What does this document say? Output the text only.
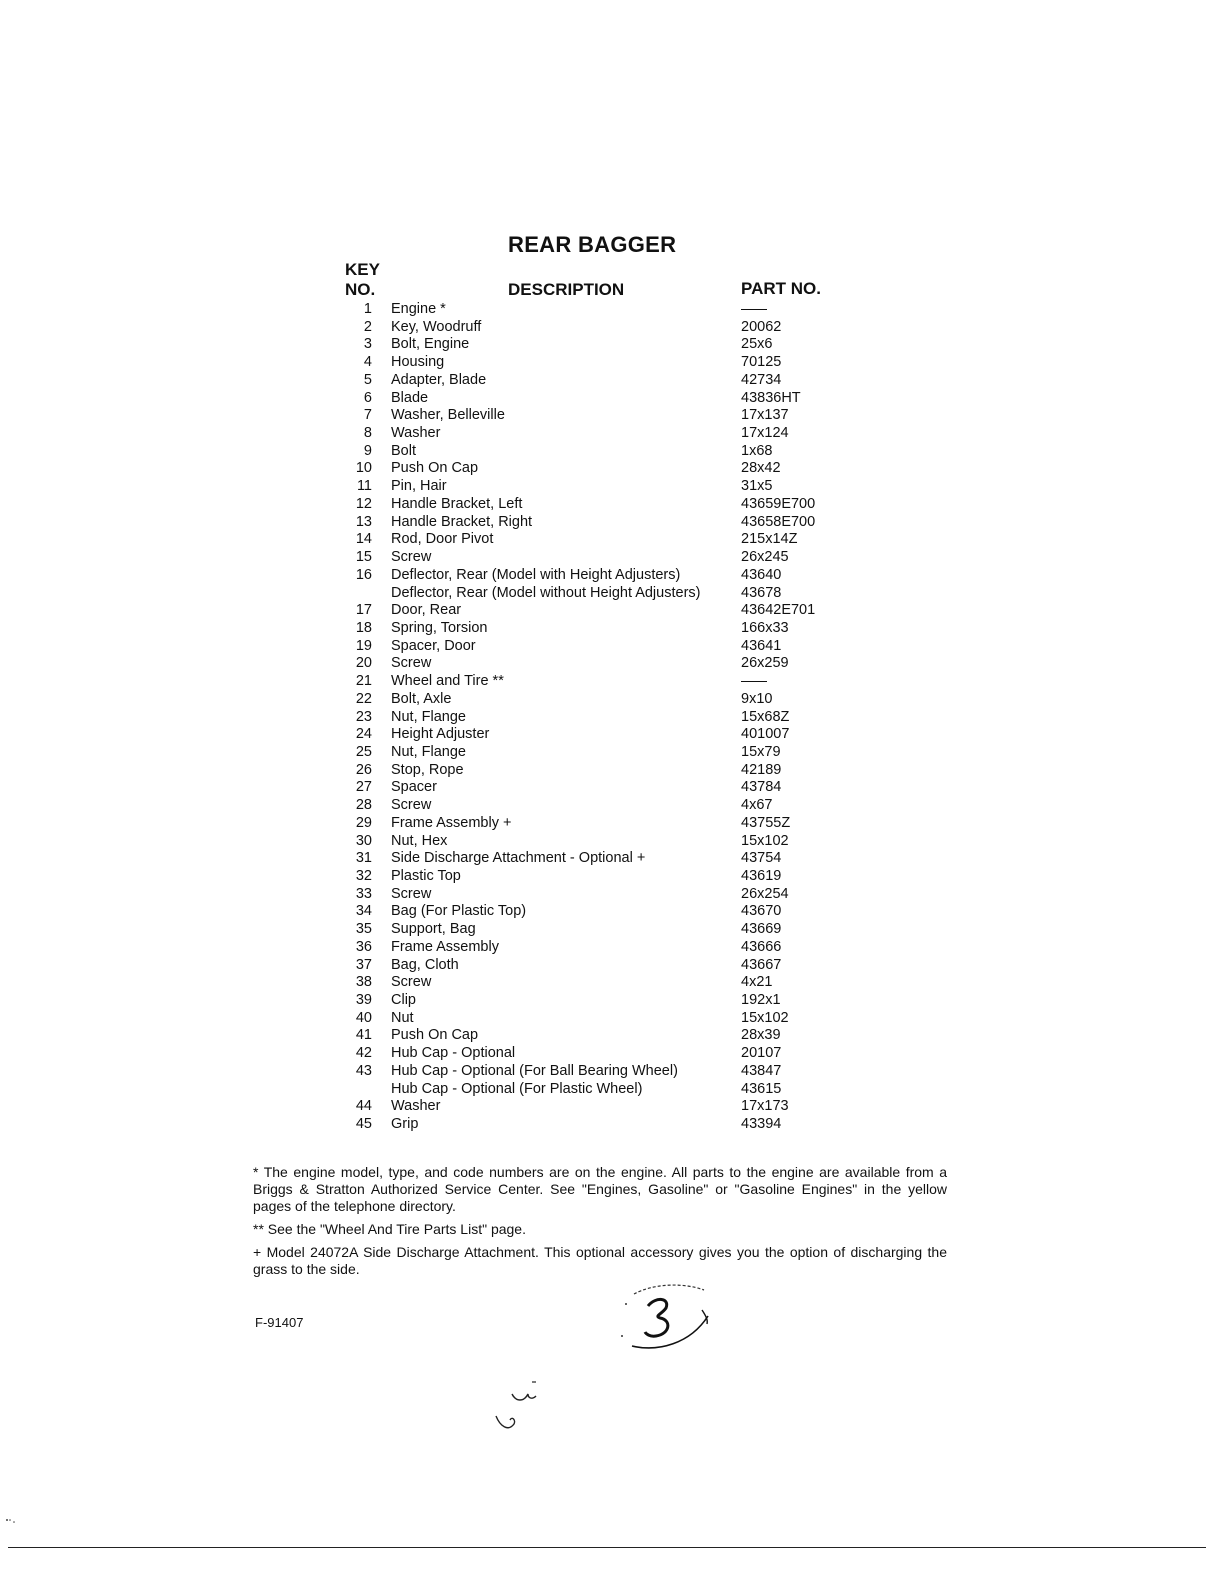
REAR BAGGER
KEY
NO.	DESCRIPTION	PART NO.
1 Engine *
2 Key, Woodruff	20062
3 Bolt, Engine	25x6
4 Housing	70125
5 Adapter, Blade	42734
6 Blade	43836HT
7 Washer, Belleville	17x137
8 Washer	17x124
9 Bolt	1x68
10 Push On Cap	28x42
11 Pin, Hair	31x5
12 Handle Bracket, Left	43659E700
13 Handle Bracket, Right	43658E700
14 Rod, Door Pivot	215x14Z
15 Screw	26x245
16 Deflector, Rear (Model with Height Adjusters)	43640
Deflector, Rear (Model without Height Adjusters)	43678
17 Door, Rear	43642E701
18 Spring, Torsion	166x33
19 Spacer, Door	43641
20 Screw	26x259
21 Wheel and Tire **
22 Bolt, Axle	9x10
23 Nut, Flange	15x68Z
24 Height Adjuster	401007
25 Nut, Flange	15x79
26 Stop, Rope	42189
27 Spacer	43784
28 Screw	4x67
29 Frame Assembly +	43755Z
30 Nut, Hex	15x102
31 Side Discharge Attachment - Optional +	43754
32 Plastic Top	43619
33 Screw	26x254
34 Bag (For Plastic Top)	43670
35 Support, Bag	43669
36 Frame Assembly	43666
37 Bag, Cloth	43667
38 Screw	4x21
39 Clip	192x1
40 Nut	15x102
41 Push On Cap	28x39
42 Hub Cap - Optional	20107
43 Hub Cap - Optional (For Ball Bearing Wheel)	43847
Hub Cap - Optional (For Plastic Wheel)	43615
44 Washer	17x173
45 Grip	43394

* The engine model, type, and code numbers are on the engine. All parts to the engine are available from a Briggs & Stratton Authorized Service Center. See "Engines, Gasoline" or "Gasoline Engines" in the yellow pages of the telephone directory.

** See the "Wheel And Tire Parts List" page.

+ Model 24072A Side Discharge Attachment. This optional accessory gives you the option of discharging the grass to the side.

F-91407
